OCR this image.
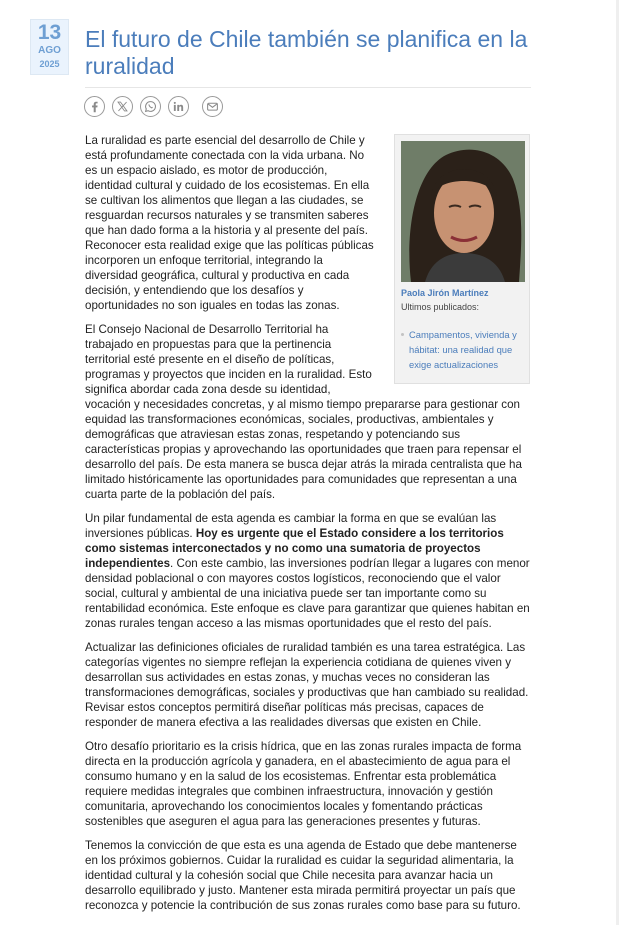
13
AGO
2025
El futuro de Chile también se planifica en la ruralidad
Paola Jirón Martínez
Ultimos publicados:
Campamentos, vivienda y hábitat: una realidad que exige actualizaciones

La ruralidad es parte esencial del desarrollo de Chile y
está profundamente conectada con la vida urbana. No
es un espacio aislado, es motor de producción,
identidad cultural y cuidado de los ecosistemas. En ella
se cultivan los alimentos que llegan a las ciudades, se
resguardan recursos naturales y se transmiten saberes
que han dado forma a la historia y al presente del país.
Reconocer esta realidad exige que las políticas públicas
incorporen un enfoque territorial, integrando la
diversidad geográfica, cultural y productiva en cada
decisión, y entendiendo que los desafíos y
oportunidades no son iguales en todas las zonas.

El Consejo Nacional de Desarrollo Territorial ha
trabajado en propuestas para que la pertinencia
territorial esté presente en el diseño de políticas,
programas y proyectos que inciden en la ruralidad. Esto
significa abordar cada zona desde su identidad,
vocación y necesidades concretas, y al mismo tiempo prepararse para gestionar con
equidad las transformaciones económicas, sociales, productivas, ambientales y
demográficas que atraviesan estas zonas, respetando y potenciando sus
características propias y aprovechando las oportunidades que traen para repensar el
desarrollo del país. De esta manera se busca dejar atrás la mirada centralista que ha
limitado históricamente las oportunidades para comunidades que representan a una
cuarta parte de la población del país.

Un pilar fundamental de esta agenda es cambiar la forma en que se evalúan las inversiones públicas. Hoy es urgente que el Estado considere a los territorios como sistemas interconectados y no como una sumatoria de proyectos independientes. Con este cambio, las inversiones podrían llegar a lugares con menor densidad poblacional o con mayores costos logísticos, reconociendo que el valor social, cultural y ambiental de una iniciativa puede ser tan importante como su rentabilidad económica. Este enfoque es clave para garantizar que quienes habitan en zonas rurales tengan acceso a las mismas oportunidades que el resto del país.

Actualizar las definiciones oficiales de ruralidad también es una tarea estratégica. Las categorías vigentes no siempre reflejan la experiencia cotidiana de quienes viven y desarrollan sus actividades en estas zonas, y muchas veces no consideran las transformaciones demográficas, sociales y productivas que han cambiado su realidad. Revisar estos conceptos permitirá diseñar políticas más precisas, capaces de responder de manera efectiva a las realidades diversas que existen en Chile.

Otro desafío prioritario es la crisis hídrica, que en las zonas rurales impacta de forma directa en la producción agrícola y ganadera, en el abastecimiento de agua para el consumo humano y en la salud de los ecosistemas. Enfrentar esta problemática requiere medidas integrales que combinen infraestructura, innovación y gestión comunitaria, aprovechando los conocimientos locales y fomentando prácticas sostenibles que aseguren el agua para las generaciones presentes y futuras.

Tenemos la convicción de que esta es una agenda de Estado que debe mantenerse en los próximos gobiernos. Cuidar la ruralidad es cuidar la seguridad alimentaria, la identidad cultural y la cohesión social que Chile necesita para avanzar hacia un desarrollo equilibrado y justo. Mantener esta mirada permitirá proyectar un país que reconozca y potencie la contribución de sus zonas rurales como base para su futuro.
